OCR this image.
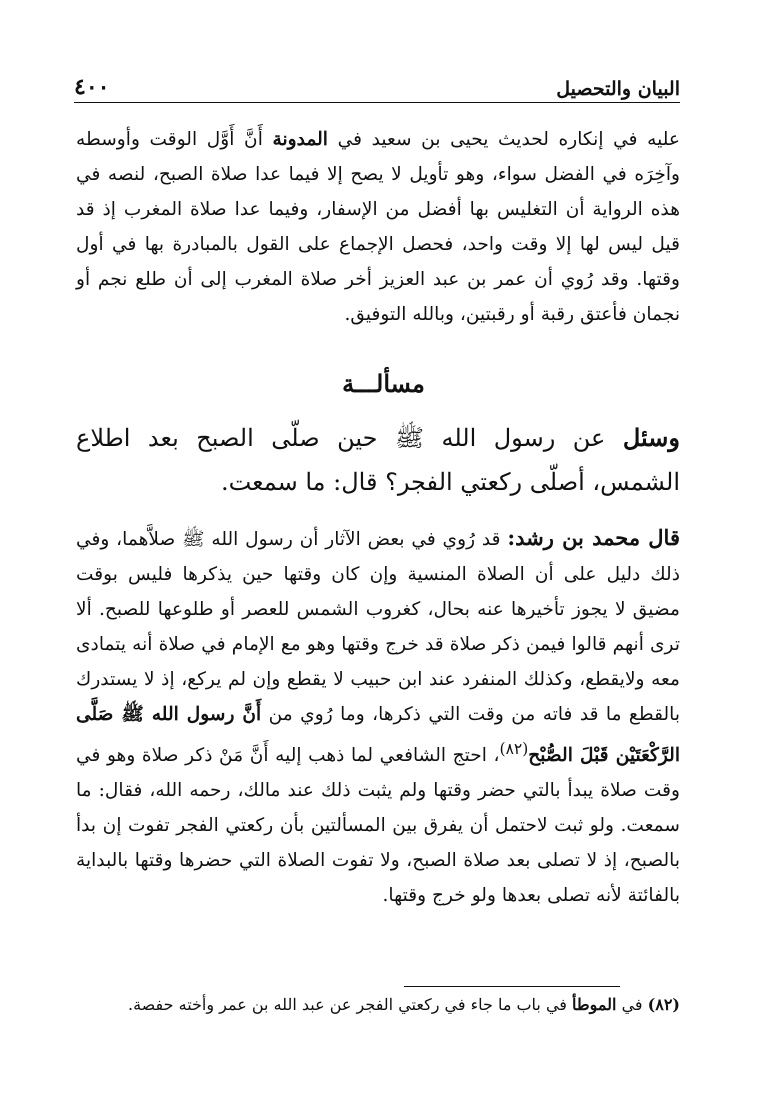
البيان والتحصيل
٤٠٠

عليه في إنكاره لحديث يحيى بن سعيد في المدونة أَنَّ أَوَّل الوقت وأوسطه وآخِرَه في الفضل سواء، وهو تأويل لا يصح إلا فيما عدا صلاة الصبح، لنصه في هذه الرواية أن التغليس بها أفضل من الإسفار، وفيما عدا صلاة المغرب إذ قد قيل ليس لها إلا وقت واحد، فحصل الإجماع على القول بالمبادرة بها في أول وقتها. وقد رُوي أن عمر بن عبد العزيز أخر صلاة المغرب إلى أن طلع نجم أو نجمان فأعتق رقبة أو رقبتين، وبالله التوفيق.

مسألـــة

وسئل عن رسول الله ﷺ حين صلّى الصبح بعد اطلاع الشمس، أصلّى ركعتي الفجر؟ قال: ما سمعت.

قال محمد بن رشد: قد رُوي في بعض الآثار أن رسول الله ﷺ صلاَّهما، وفي ذلك دليل على أن الصلاة المنسية وإن كان وقتها حين يذكرها فليس بوقت مضيق لا يجوز تأخيرها عنه بحال، كغروب الشمس للعصر أو طلوعها للصبح. ألا ترى أنهم قالوا فيمن ذكر صلاة قد خرج وقتها وهو مع الإمام في صلاة أنه يتمادى معه ولايقطع، وكذلك المنفرد عند ابن حبيب لا يقطع وإن لم يركع، إذ لا يستدرك بالقطع ما قد فاته من وقت التي ذكرها، وما رُوي من أَنَّ رسول الله ﷺ صَلَّى الرَّكْعَتَيْن قَبْلَ الصُّبْح$^{(٨٢)}$، احتج الشافعي لما ذهب إليه أَنَّ مَنْ ذكر صلاة وهو في وقت صلاة يبدأ بالتي حضر وقتها ولم يثبت ذلك عند مالك، رحمه الله، فقال: ما سمعت. ولو ثبت لاحتمل أن يفرق بين المسألتين بأن ركعتي الفجر تفوت إن بدأ بالصبح، إذ لا تصلى بعد صلاة الصبح، ولا تفوت الصلاة التي حضرها وقتها بالبداية بالفائتة لأنه تصلى بعدها ولو خرج وقتها.

(٨٢) في الموطأ في باب ما جاء في ركعتي الفجر عن عبد الله بن عمر وأخته حفصة.
